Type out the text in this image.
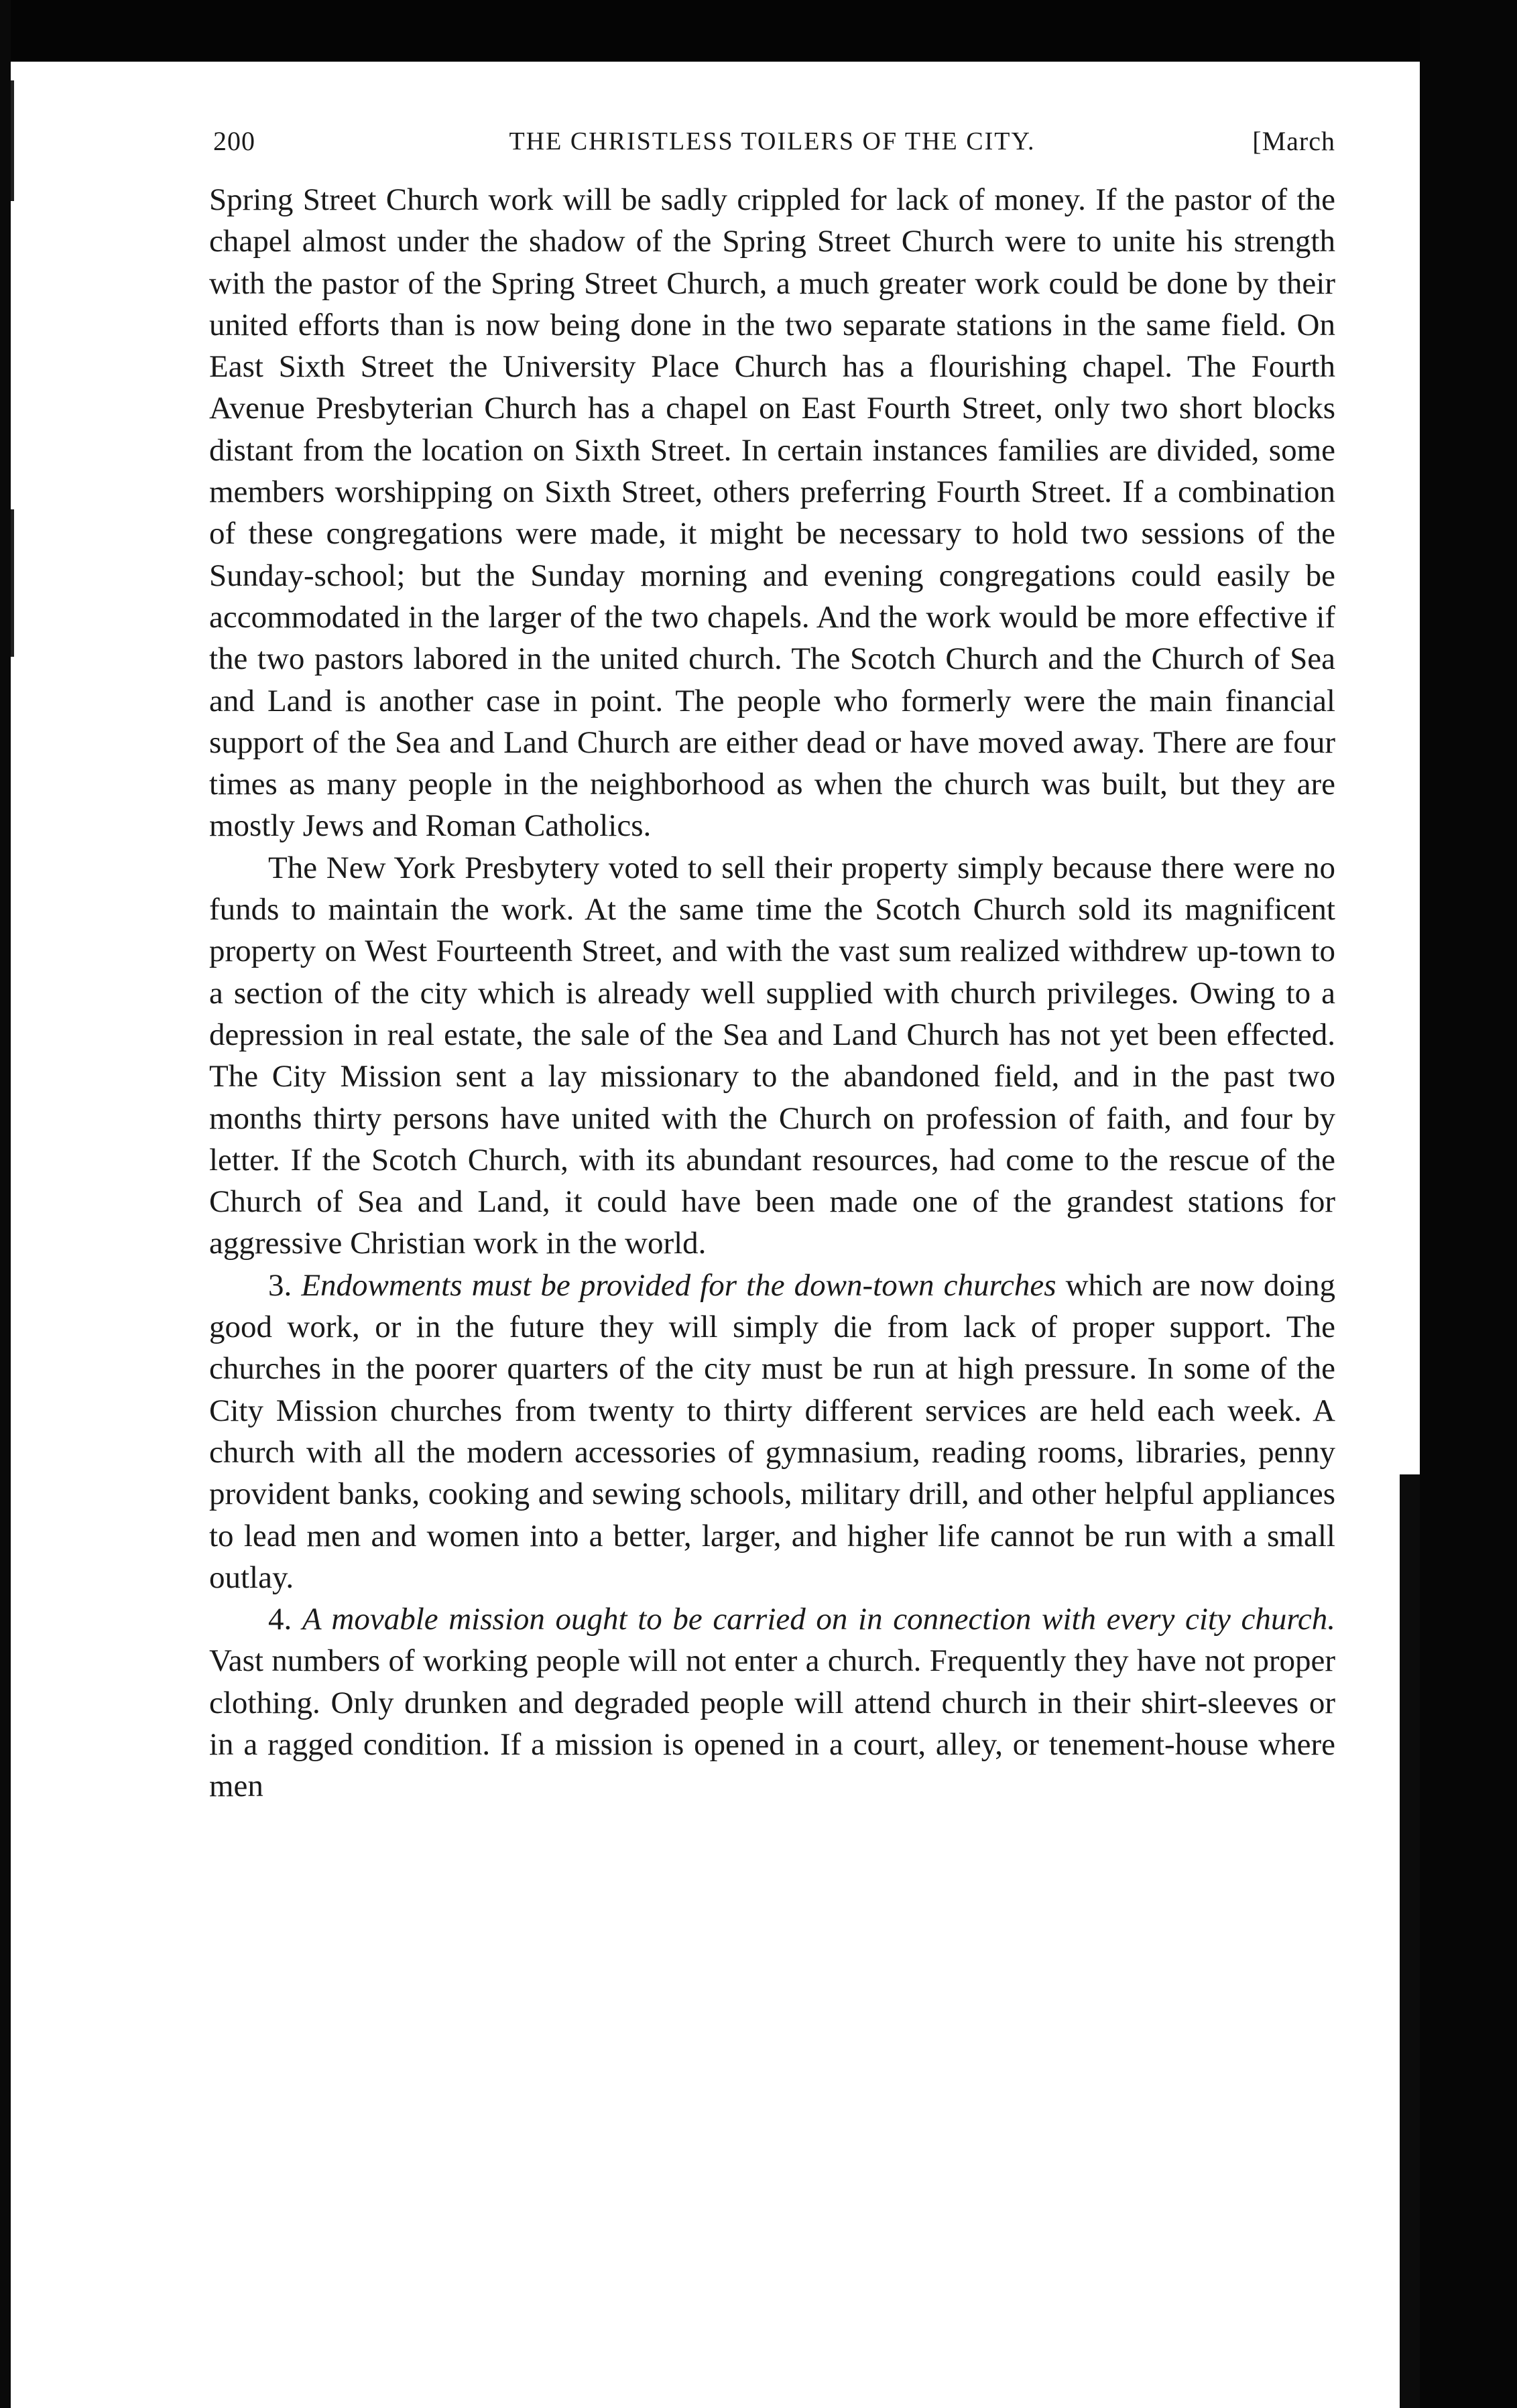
200	THE CHRISTLESS TOILERS OF THE CITY.	[March

Spring Street Church work will be sadly crippled for lack of money. If the pastor of the chapel almost under the shadow of the Spring Street Church were to unite his strength with the pastor of the Spring Street Church, a much greater work could be done by their united efforts than is now being done in the two separate stations in the same field. On East Sixth Street the University Place Church has a flourishing chapel. The Fourth Avenue Presbyterian Church has a chapel on East Fourth Street, only two short blocks distant from the location on Sixth Street. In certain instances families are divided, some members worshipping on Sixth Street, others preferring Fourth Street. If a combination of these congregations were made, it might be necessary to hold two sessions of the Sunday-school; but the Sunday morning and evening congregations could easily be accommodated in the larger of the two chapels. And the work would be more effective if the two pastors labored in the united church. The Scotch Church and the Church of Sea and Land is another case in point. The people who formerly were the main financial support of the Sea and Land Church are either dead or have moved away. There are four times as many people in the neighborhood as when the church was built, but they are mostly Jews and Roman Catholics.

The New York Presbytery voted to sell their property simply because there were no funds to maintain the work. At the same time the Scotch Church sold its magnificent property on West Fourteenth Street, and with the vast sum realized withdrew up-town to a section of the city which is already well supplied with church privileges. Owing to a depression in real estate, the sale of the Sea and Land Church has not yet been effected. The City Mission sent a lay missionary to the abandoned field, and in the past two months thirty persons have united with the Church on profession of faith, and four by letter. If the Scotch Church, with its abundant resources, had come to the rescue of the Church of Sea and Land, it could have been made one of the grandest stations for aggressive Christian work in the world.

3. Endowments must be provided for the down-town churches which are now doing good work, or in the future they will simply die from lack of proper support. The churches in the poorer quarters of the city must be run at high pressure. In some of the City Mission churches from twenty to thirty different services are held each week. A church with all the modern accessories of gymnasium, reading rooms, libraries, penny provident banks, cooking and sewing schools, military drill, and other helpful appliances to lead men and women into a better, larger, and higher life cannot be run with a small outlay.

4. A movable mission ought to be carried on in connection with every city church. Vast numbers of working people will not enter a church. Frequently they have not proper clothing. Only drunken and degraded people will attend church in their shirt-sleeves or in a ragged condition. If a mission is opened in a court, alley, or tenement-house where men
